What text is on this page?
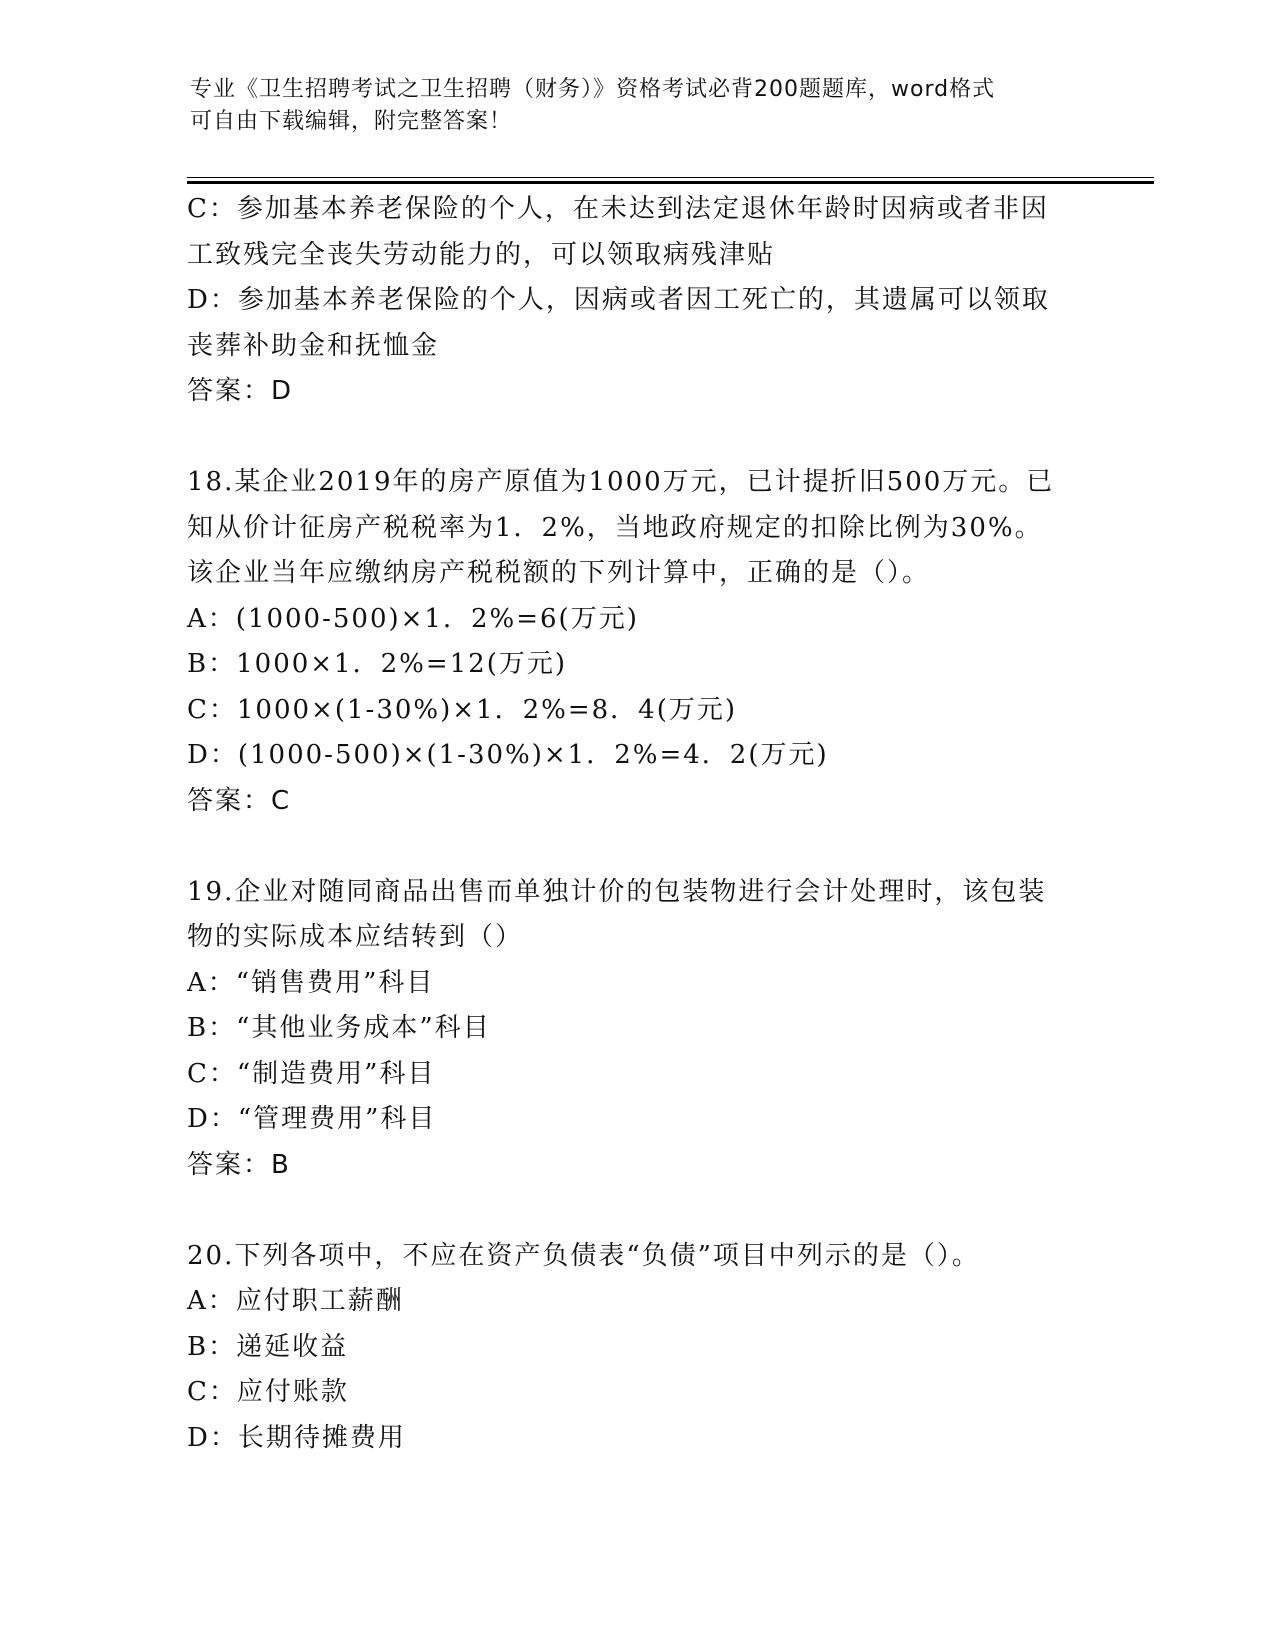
专业《卫生招聘考试之卫生招聘（财务）》资格考试必背200题题库，word格式
可自由下载编辑，附完整答案！
C：参加基本养老保险的个人，在未达到法定退休年龄时因病或者非因
工致残完全丧失劳动能力的，可以领取病残津贴
D：参加基本养老保险的个人，因病或者因工死亡的，其遗属可以领取
丧葬补助金和抚恤金
答案：D
18.某企业2019年的房产原值为1000万元，已计提折旧500万元。已
知从价计征房产税税率为1．2%，当地政府规定的扣除比例为30%。
该企业当年应缴纳房产税税额的下列计算中，正确的是（）。
A：(1000-500)×1．2%=6(万元)
B：1000×1．2%=12(万元)
C：1000×(1-30%)×1．2%=8．4(万元)
D：(1000-500)×(1-30%)×1．2%=4．2(万元)
答案：C
19.企业对随同商品出售而单独计价的包装物进行会计处理时，该包装
物的实际成本应结转到（）
A：“销售费用”科目
B：“其他业务成本”科目
C：“制造费用”科目
D：“管理费用”科目
答案：B
20.下列各项中，不应在资产负债表“负债”项目中列示的是（）。
A：应付职工薪酬
B：递延收益
C：应付账款
D：长期待摊费用
